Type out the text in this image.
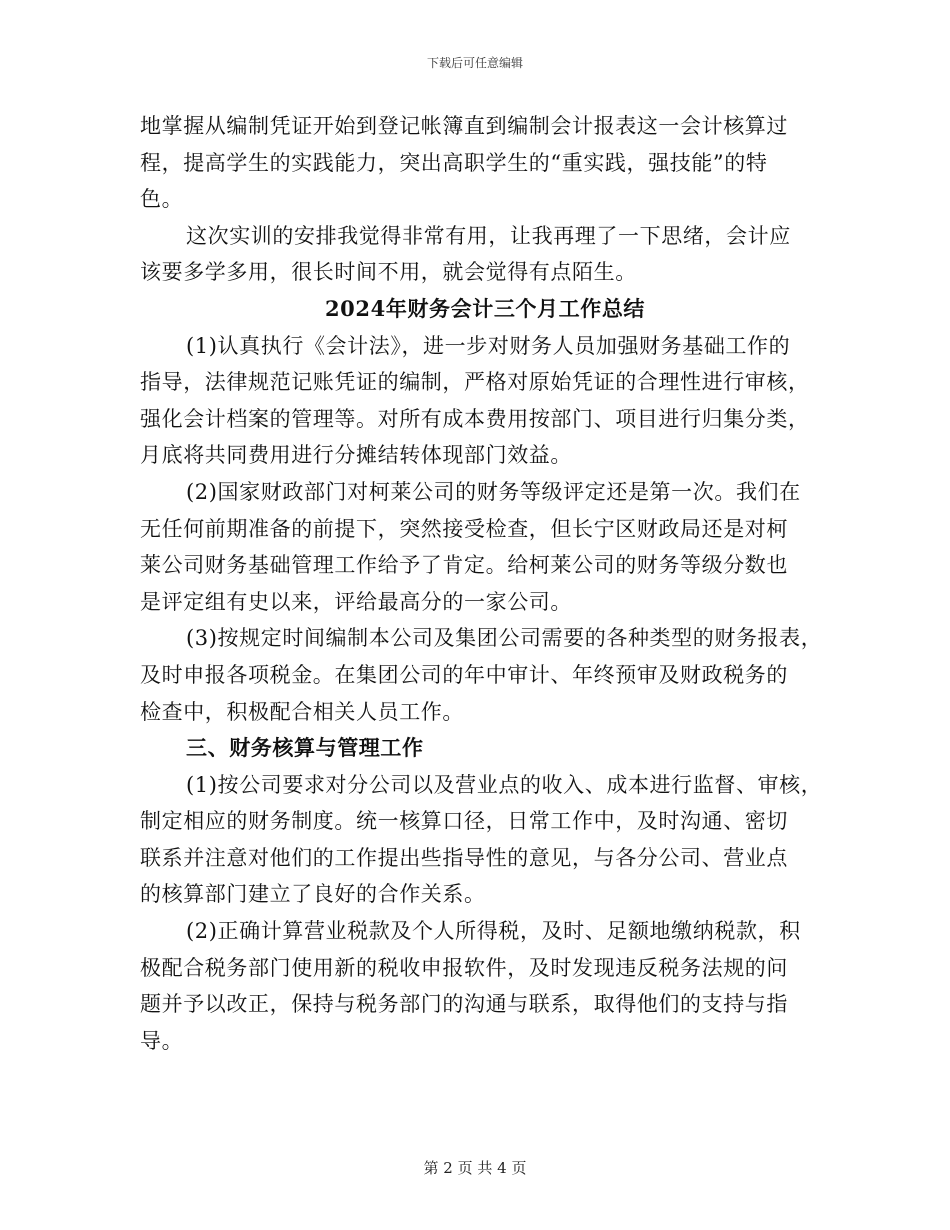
下载后可任意编辑
地掌握从编制凭证开始到登记帐簿直到编制会计报表这一会计核算过
程，提高学生的实践能力，突出高职学生的“重实践，强技能”的特
色。
这次实训的安排我觉得非常有用，让我再理了一下思绪，会计应
该要多学多用，很长时间不用，就会觉得有点陌生。
2024年财务会计三个月工作总结
(1)认真执行《会计法》，进一步对财务人员加强财务基础工作的
指导，法律规范记账凭证的编制，严格对原始凭证的合理性进行审核，
强化会计档案的管理等。对所有成本费用按部门、项目进行归集分类，
月底将共同费用进行分摊结转体现部门效益。
(2)国家财政部门对柯莱公司的财务等级评定还是第一次。我们在
无任何前期准备的前提下，突然接受检查，但长宁区财政局还是对柯
莱公司财务基础管理工作给予了肯定。给柯莱公司的财务等级分数也
是评定组有史以来，评给最高分的一家公司。
(3)按规定时间编制本公司及集团公司需要的各种类型的财务报表，
及时申报各项税金。在集团公司的年中审计、年终预审及财政税务的
检查中，积极配合相关人员工作。
三、财务核算与管理工作
(1)按公司要求对分公司以及营业点的收入、成本进行监督、审核，
制定相应的财务制度。统一核算口径，日常工作中，及时沟通、密切
联系并注意对他们的工作提出些指导性的意见，与各分公司、营业点
的核算部门建立了良好的合作关系。
(2)正确计算营业税款及个人所得税，及时、足额地缴纳税款，积
极配合税务部门使用新的税收申报软件，及时发现违反税务法规的问
题并予以改正，保持与税务部门的沟通与联系，取得他们的支持与指
导。
第 2 页 共 4 页
